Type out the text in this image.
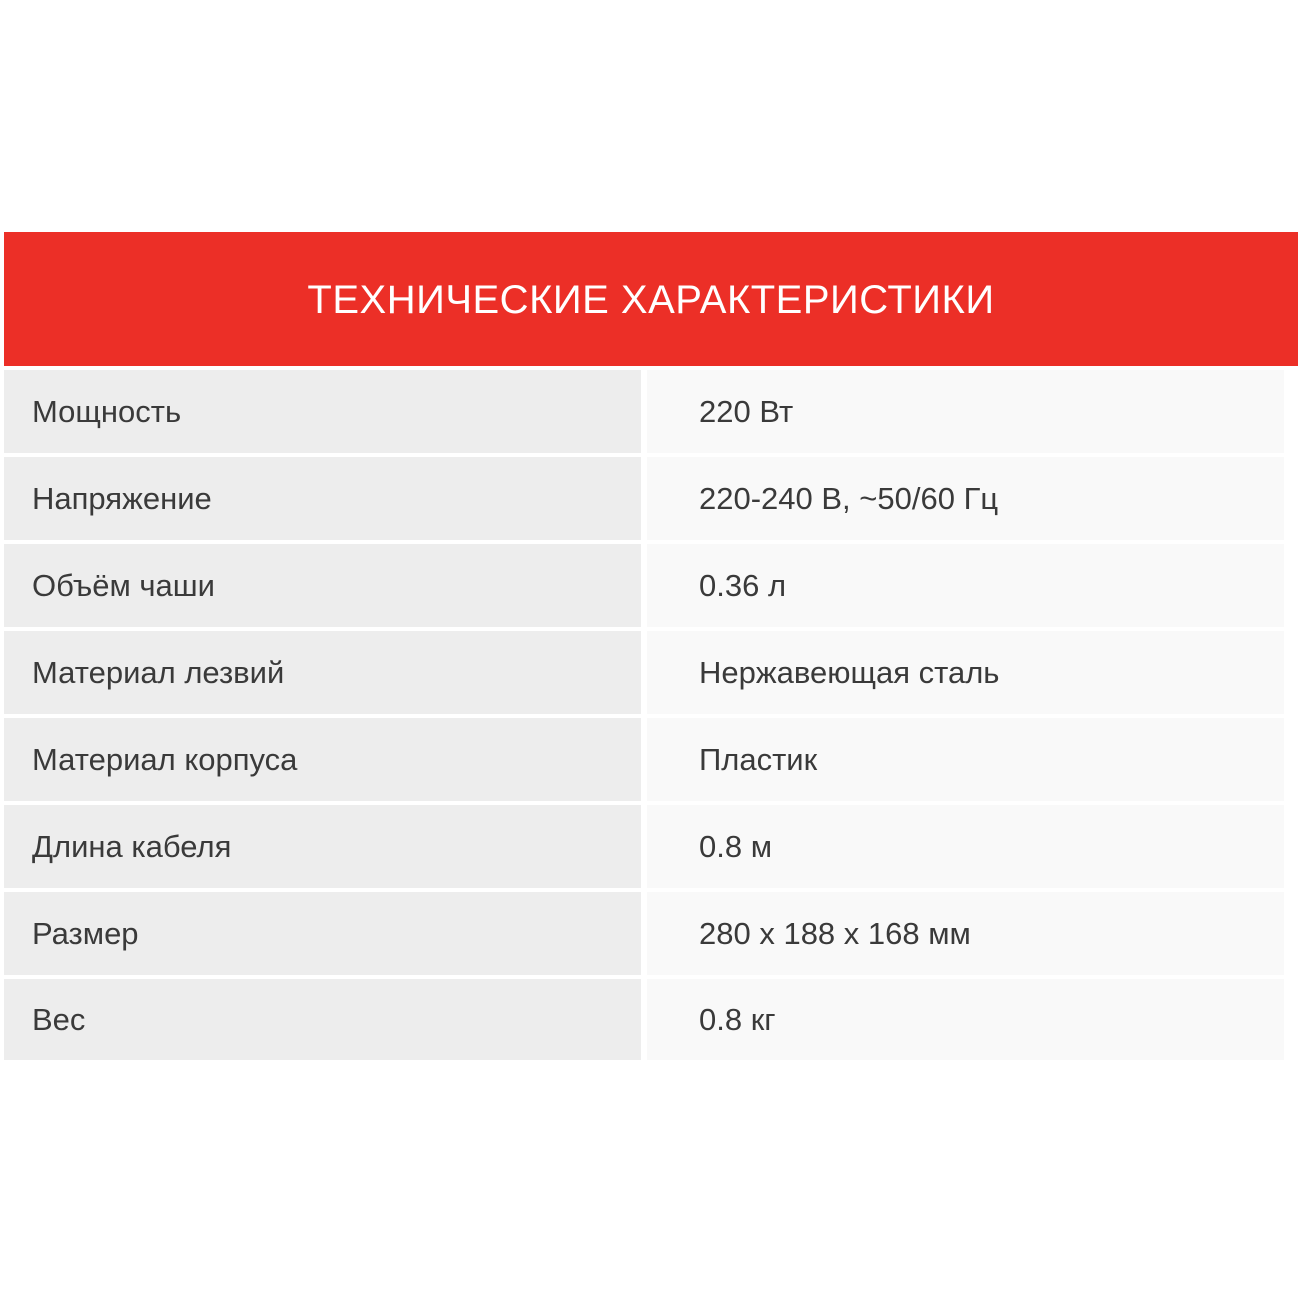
ТЕХНИЧЕСКИЕ ХАРАКТЕРИСТИКИ
Мощность	220 Вт
Напряжение	220-240 В, ~50/60 Гц
Объём чаши	0.36 л
Материал лезвий	Нержавеющая сталь
Материал корпуса	Пластик
Длина кабеля	0.8 м
Размер	280 x 188 x 168 мм
Вес	0.8 кг
